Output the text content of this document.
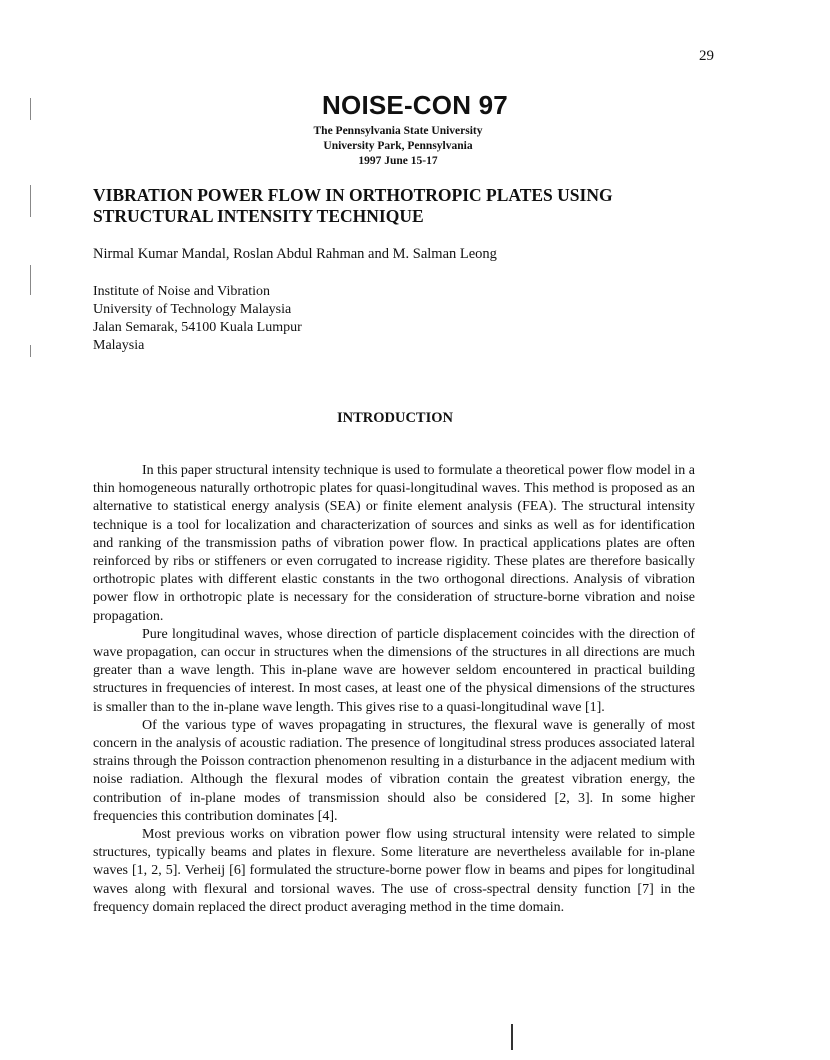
29
NOISE-CON 97
The Pennsylvania State University
University Park, Pennsylvania
1997 June 15-17
VIBRATION POWER FLOW IN ORTHOTROPIC PLATES USING
STRUCTURAL INTENSITY TECHNIQUE
Nirmal Kumar Mandal, Roslan Abdul Rahman and M. Salman Leong
Institute of Noise and Vibration
University of Technology Malaysia
Jalan Semarak, 54100 Kuala Lumpur
Malaysia
INTRODUCTION

In this paper structural intensity technique is used to formulate a theoretical power flow model in a thin homogeneous naturally orthotropic plates for quasi-longitudinal waves. This method is proposed as an alternative to statistical energy analysis (SEA) or finite element analysis (FEA). The structural intensity technique is a tool for localization and characterization of sources and sinks as well as for identification and ranking of the transmission paths of vibration power flow. In practical applications plates are often reinforced by ribs or stiffeners or even corrugated to increase rigidity. These plates are therefore basically orthotropic plates with different elastic constants in the two orthogonal directions. Analysis of vibration power flow in orthotropic plate is necessary for the consideration of structure-borne vibration and noise propagation.

Pure longitudinal waves, whose direction of particle displacement coincides with the direction of wave propagation, can occur in structures when the dimensions of the structures in all directions are much greater than a wave length. This in-plane wave are however seldom encountered in practical building structures in frequencies of interest. In most cases, at least one of the physical dimensions of the structures is smaller than to the in-plane wave length. This gives rise to a quasi-longitudinal wave [1].

Of the various type of waves propagating in structures, the flexural wave is generally of most concern in the analysis of acoustic radiation. The presence of longitudinal stress produces associated lateral strains through the Poisson contraction phenomenon resulting in a disturbance in the adjacent medium with noise radiation. Although the flexural modes of vibration contain the greatest vibration energy, the contribution of in-plane modes of transmission should also be considered [2, 3]. In some higher frequencies this contribution dominates [4].

Most previous works on vibration power flow using structural intensity were related to simple structures, typically beams and plates in flexure. Some literature are nevertheless available for in-plane waves [1, 2, 5]. Verheij [6] formulated the structure-borne power flow in beams and pipes for longitudinal waves along with flexural and torsional waves. The use of cross-spectral density function [7] in the frequency domain replaced the direct product averaging method in the time domain.
